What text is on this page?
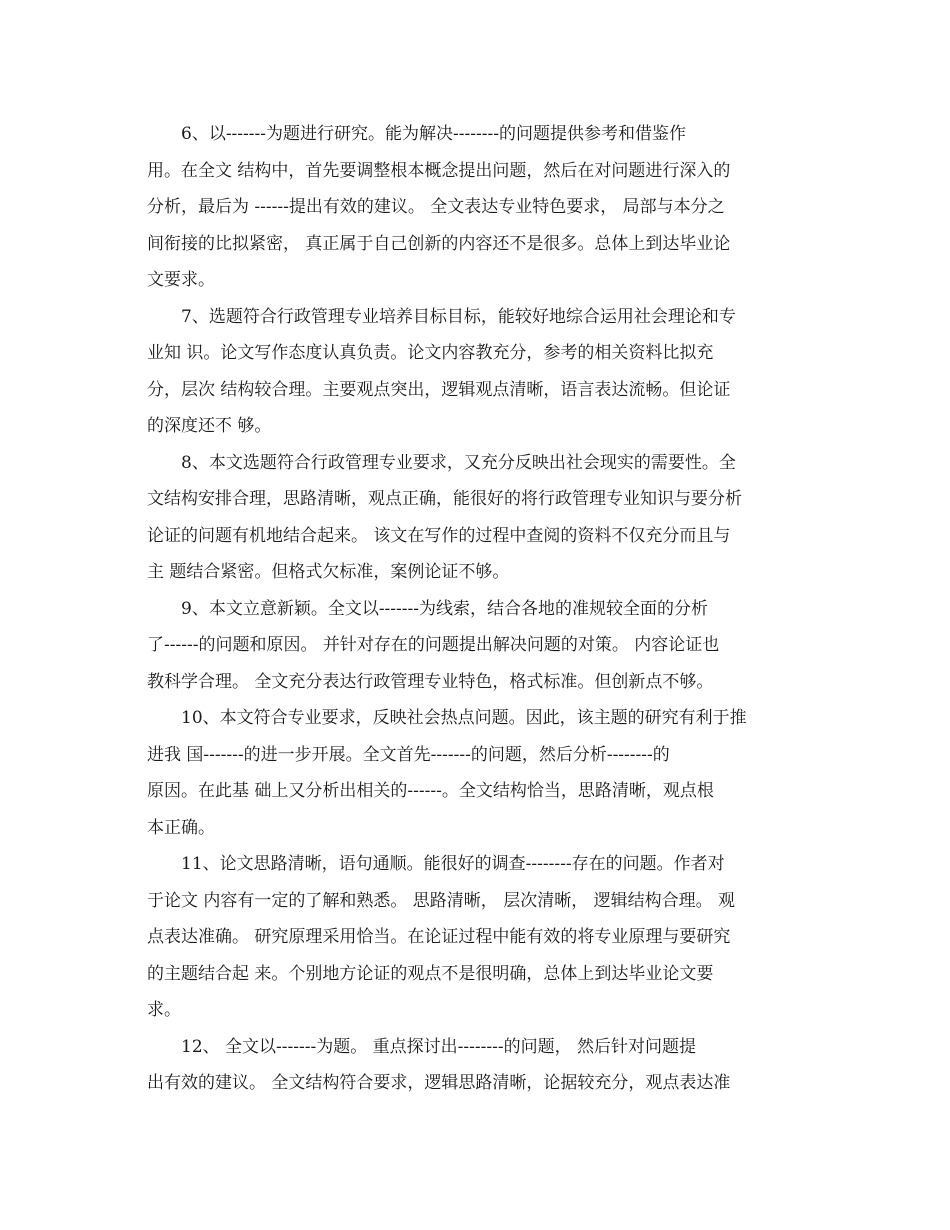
6、以-------为题进行研究。能为解决--------的问题提供参考和借鉴作
用。在全文 结构中，首先要调整根本概念提出问题，然后在对问题进行深入的
分析，最后为 ------提出有效的建议。 全文表达专业特色要求， 局部与本分之
间衔接的比拟紧密， 真正属于自己创新的内容还不是很多。总体上到达毕业论
文要求。
7、选题符合行政管理专业培养目标目标，能较好地综合运用社会理论和专
业知 识。论文写作态度认真负责。论文内容教充分，参考的相关资料比拟充
分，层次 结构较合理。主要观点突出，逻辑观点清晰，语言表达流畅。但论证
的深度还不 够。
8、本文选题符合行政管理专业要求，又充分反映出社会现实的需要性。全
文结构安排合理，思路清晰，观点正确，能很好的将行政管理专业知识与要分析
论证的问题有机地结合起来。 该文在写作的过程中查阅的资料不仅充分而且与
主 题结合紧密。但格式欠标准，案例论证不够。
9、本文立意新颖。全文以-------为线索，结合各地的准规较全面的分析
了------的问题和原因。 并针对存在的问题提出解决问题的对策。 内容论证也
教科学合理。 全文充分表达行政管理专业特色，格式标准。但创新点不够。
10、本文符合专业要求，反映社会热点问题。因此，该主题的研究有利于推
进我 国-------的进一步开展。全文首先-------的问题，然后分析--------的
原因。在此基 础上又分析出相关的------。全文结构恰当，思路清晰，观点根
本正确。
11、论文思路清晰，语句通顺。能很好的调查--------存在的问题。作者对
于论文 内容有一定的了解和熟悉。 思路清晰， 层次清晰， 逻辑结构合理。 观
点表达准确。 研究原理采用恰当。在论证过程中能有效的将专业原理与要研究
的主题结合起 来。个别地方论证的观点不是很明确，总体上到达毕业论文要
求。
12、 全文以-------为题。 重点探讨出--------的问题， 然后针对问题提
出有效的建议。 全文结构符合要求，逻辑思路清晰，论据较充分，观点表达准
